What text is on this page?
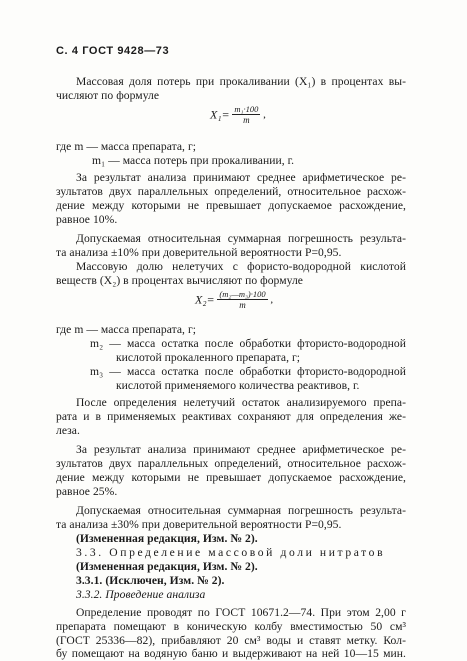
С. 4 ГОСТ 9428—73
Массовая доля потерь при прокаливании (X₁) в процентах вы-
числяют по формуле
$X_1= \frac{\text{m₁·100}}{m}$ ,
где m — масса препарата, г;
m₁ — масса потерь при прокаливании, г.
За результат анализа принимают среднее арифметическое ре-
зультатов двух параллельных определений, относительное расхож-
дение между которыми не превышает допускаемое расхождение,
равное 10%.
Допускаемая относительная суммарная погрешность результа-
та анализа ±10% при доверительной вероятности P=0,95.
Массовую долю нелетучих с фористо-водородной кислотой
веществ (X₂) в процентах вычисляют по формуле
$X_2= \frac{\text{(m₂—m₃)·100}}{m}$ ,
где m — масса препарата, г;
m₂ — масса остатка после обработки фтористо-водородной
кислотой прокаленного препарата, г;
m₃ — масса остатка после обработки фтористо-водородной
кислотой применяемого количества реактивов, г.
После определения нелетучий остаток анализируемого препа-
рата и в применяемых реактивах сохраняют для определения же-
леза.
За результат анализа принимают среднее арифметическое ре-
зультатов двух параллельных определений, относительное расхож-
дение между которыми не превышает допускаемое расхождение,
равное 25%.
Допускаемая относительная суммарная погрешность результа-
та анализа ±30% при доверительной вероятности P=0,95.
(Измененная редакция, Изм. № 2).
3.3. Определение массовой доли нитратов
(Измененная редакция, Изм. № 2).
3.3.1. (Исключен, Изм. № 2).
3.3.2. Проведение анализа
Определение проводят по ГОСТ 10671.2—74. При этом 2,00 г
препарата помещают в коническую колбу вместимостью 50 см³
(ГОСТ 25336—82), прибавляют 20 см³ воды и ставят метку. Кол-
бу помещают на водяную баню и выдерживают на ней 10—15 мин.
